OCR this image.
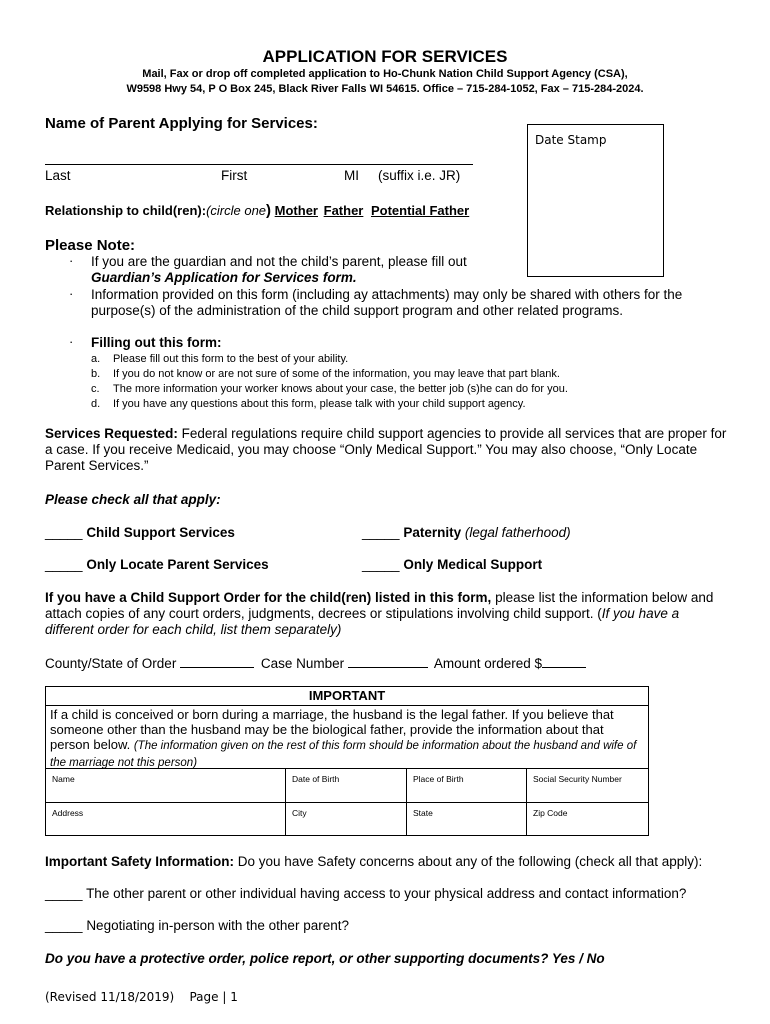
APPLICATION FOR SERVICES
Mail, Fax or drop off completed application to Ho-Chunk Nation Child Support Agency (CSA),
W9598 Hwy 54, P O Box 245, Black River Falls WI 54615. Office – 715-284-1052, Fax – 715-284-2024.
Name of Parent Applying for Services:
Last	First	MI (suffix i.e. JR)
Date Stamp
Relationship to child(ren):(circle one) Mother Father Potential Father
Please Note:
· If you are the guardian and not the child’s parent, please fill out
Guardian’s Application for Services form.
· Information provided on this form (including ay attachments) may only be shared with others for the purpose(s) of the administration of the child support program and other related programs.
· Filling out this form:
a. Please fill out this form to the best of your ability.
b. If you do not know or are not sure of some of the information, you may leave that part blank.
c. The more information your worker knows about your case, the better job (s)he can do for you.
d. If you have any questions about this form, please talk with your child support agency.
Services Requested: Federal regulations require child support agencies to provide all services that are proper for a case. If you receive Medicaid, you may choose “Only Medical Support.” You may also choose, “Only Locate Parent Services.”
Please check all that apply:
_____ Child Support Services	_____ Paternity (legal fatherhood)
_____ Only Locate Parent Services	_____ Only Medical Support
If you have a Child Support Order for the child(ren) listed in this form, please list the information below and attach copies of any court orders, judgments, decrees or stipulations involving child support. (If you have a different order for each child, list them separately)
County/State of Order	Case Number	Amount ordered $
IMPORTANT
If a child is conceived or born during a marriage, the husband is the legal father. If you believe that someone other than the husband may be the biological father, provide the information about that person below. (The information given on the rest of this form should be information about the husband and wife of the marriage not this person)
Name	Date of Birth	Place of Birth	Social Security Number
Address	City	State	Zip Code
Important Safety Information: Do you have Safety concerns about any of the following (check all that apply):
_____ The other parent or other individual having access to your physical address and contact information?
_____ Negotiating in-person with the other parent?
Do you have a protective order, police report, or other supporting documents? Yes / No
(Revised 11/18/2019)    Page | 1
